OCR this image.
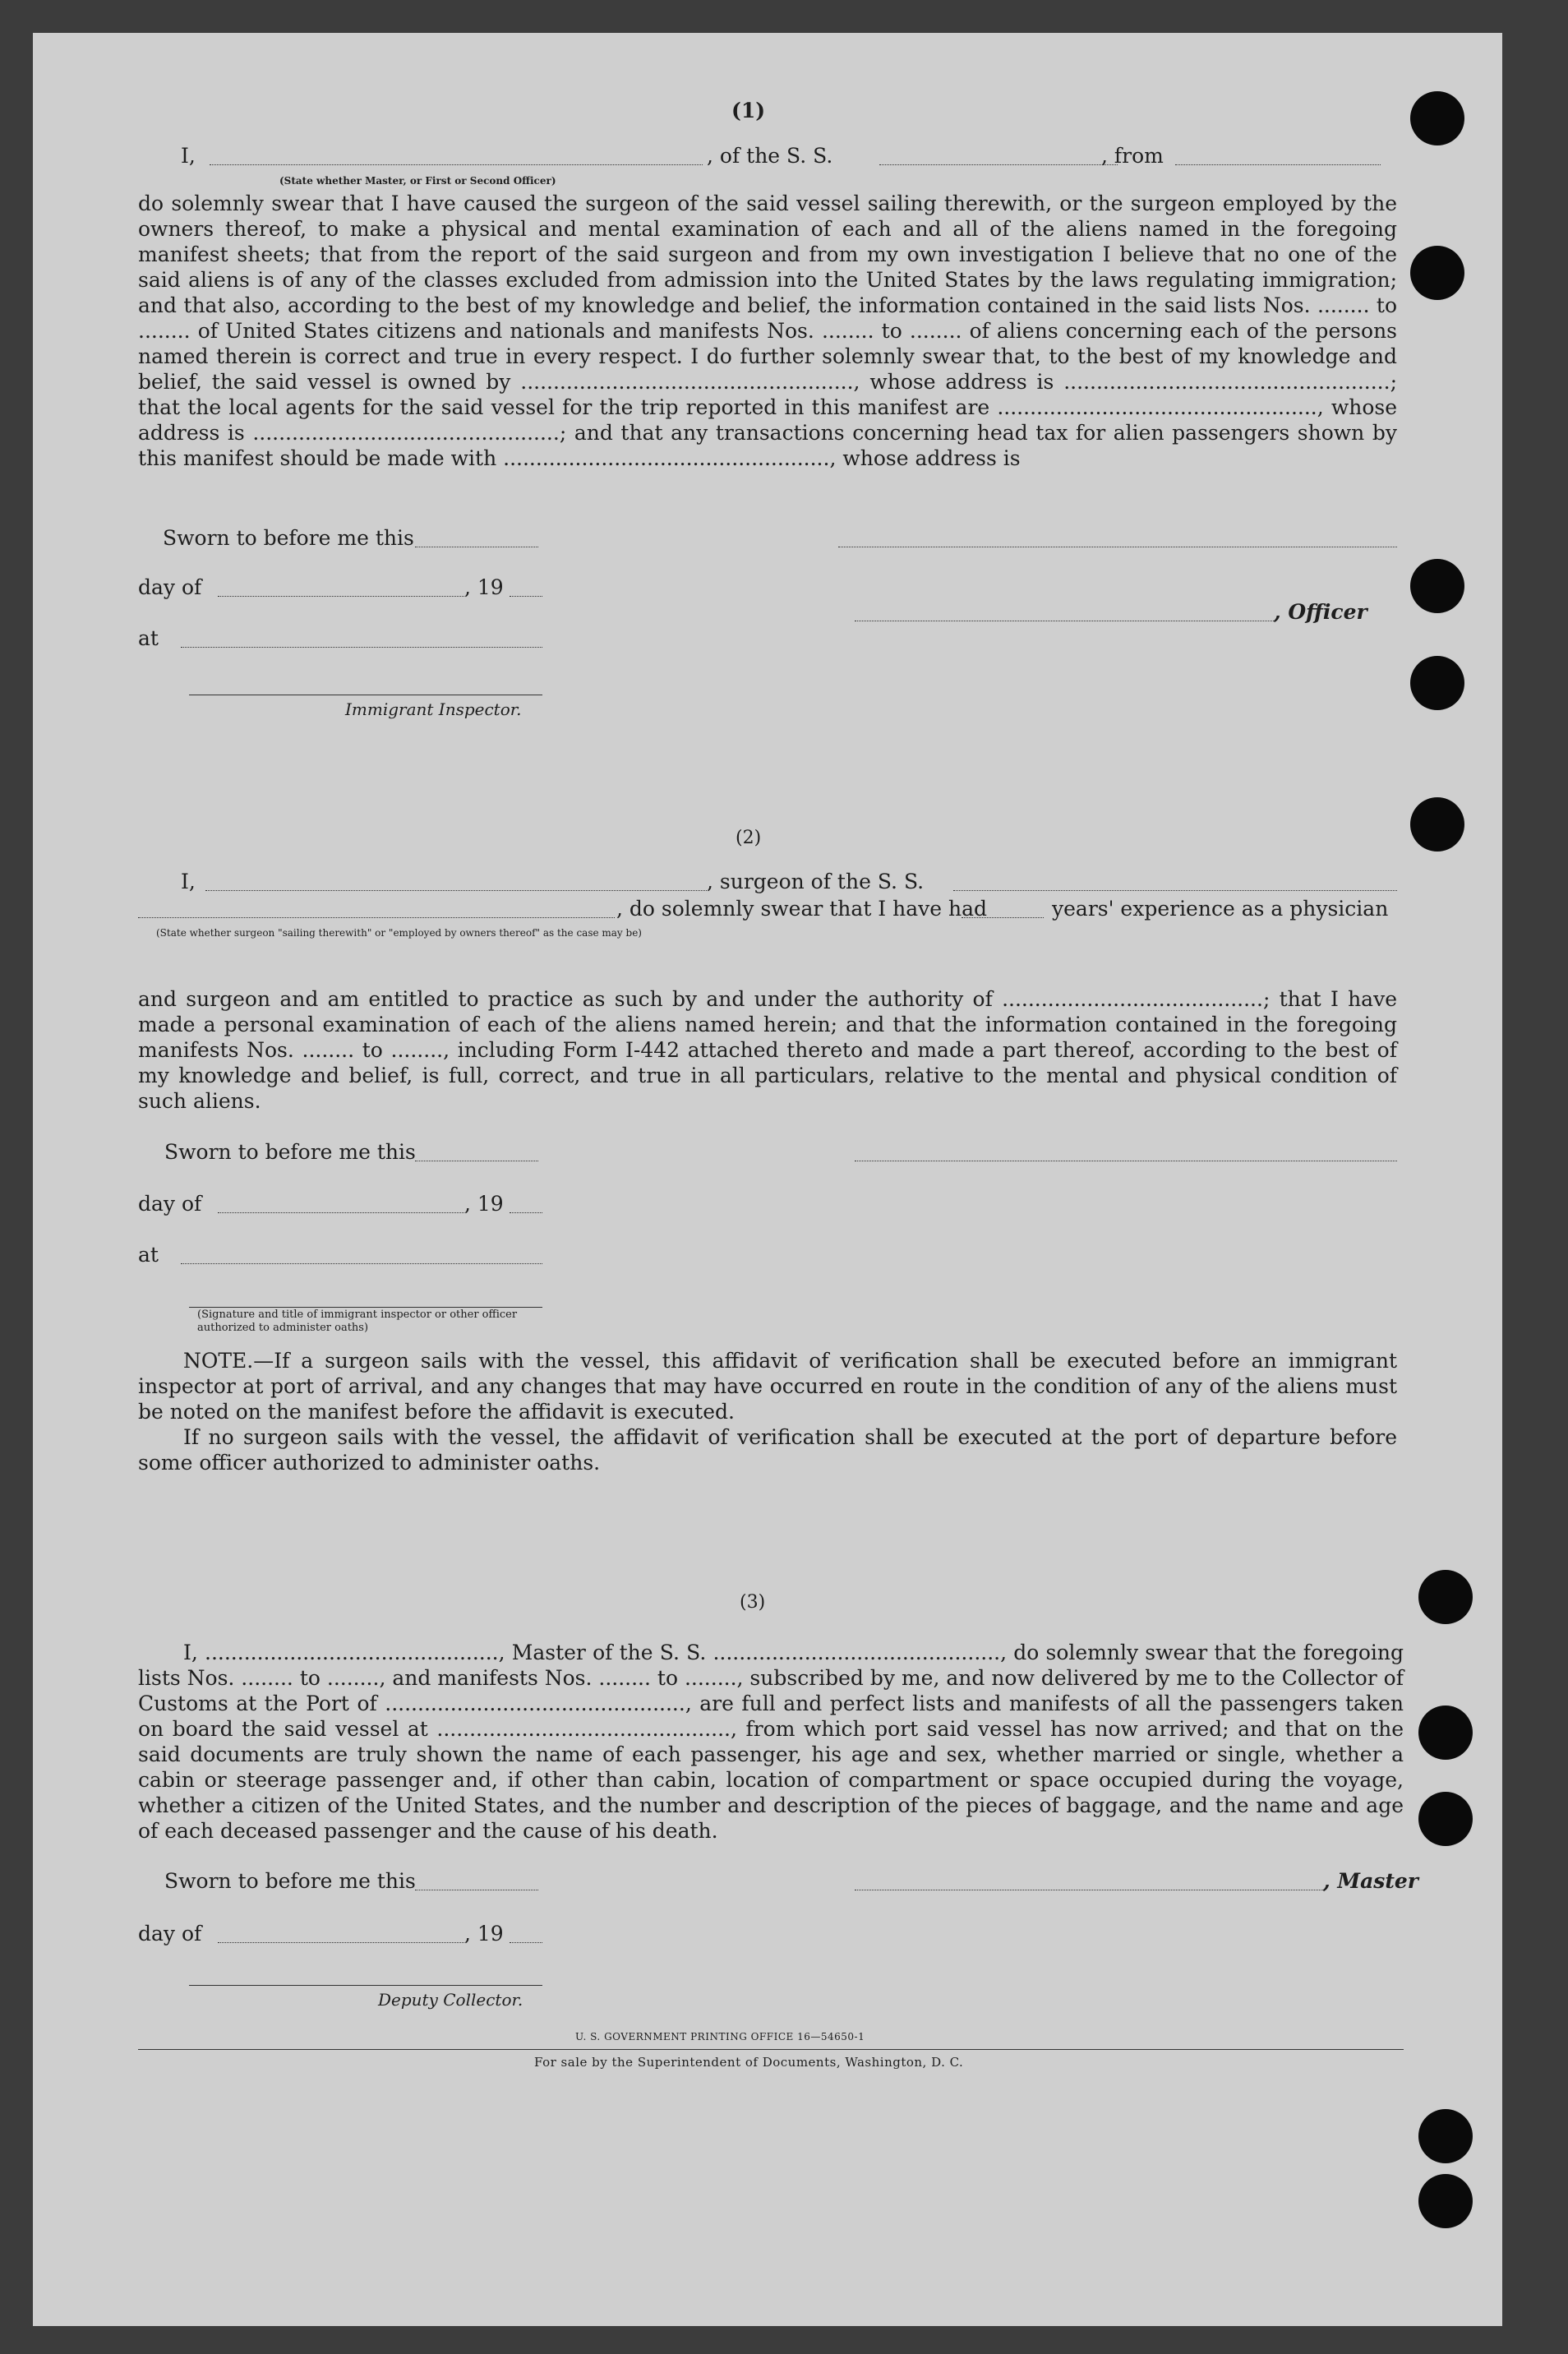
(1)
I,	, of the S. S.	, from
(State whether Master, or First or Second Officer)
do solemnly swear that I have caused the surgeon of the said vessel sailing therewith, or the surgeon employed by the owners thereof, to make a physical and mental examination of each and all of the aliens named in the foregoing manifest sheets; that from the report of the said surgeon and from my own investigation I believe that no one of the said aliens is of any of the classes excluded from admission into the United States by the laws regulating immigration; and that also, according to the best of my knowledge and belief, the information contained in the said lists Nos. ........ to ........ of United States citizens and nationals and manifests Nos. ........ to ........ of aliens concerning each of the persons named therein is correct and true in every respect. I do further solemnly swear that, to the best of my knowledge and belief, the said vessel is owned by ..................................................., whose address is ..................................................; that the local agents for the said vessel for the trip reported in this manifest are ................................................., whose address is ...............................................; and that any transactions concerning head tax for alien passengers shown by this manifest should be made with .................................................., whose address is
Sworn to before me this
day of	, 19
, Officer
at
Immigrant Inspector.
(2)
I,	, surgeon of the S. S.
, do solemnly swear that I have had	years' experience as a physician
(State whether surgeon "sailing therewith" or "employed by owners thereof" as the case may be)
and surgeon and am entitled to practice as such by and under the authority of ........................................; that I have made a personal examination of each of the aliens named herein; and that the information contained in the foregoing manifests Nos. ........ to ........, including Form I-442 attached thereto and made a part thereof, according to the best of my knowledge and belief, is full, correct, and true in all particulars, relative to the mental and physical condition of such aliens.
Sworn to before me this
day of	, 19
at
(Signature and title of immigrant inspector or other officer authorized to administer oaths)
NOTE.—If a surgeon sails with the vessel, this affidavit of verification shall be executed before an immigrant inspector at port of arrival, and any changes that may have occurred en route in the condition of any of the aliens must be noted on the manifest before the affidavit is executed.
If no surgeon sails with the vessel, the affidavit of verification shall be executed at the port of departure before some officer authorized to administer oaths.
(3)
I, ............................................., Master of the S. S. ............................................, do solemnly swear that the foregoing lists Nos. ........ to ........, and manifests Nos. ........ to ........, subscribed by me, and now delivered by me to the Collector of Customs at the Port of .............................................., are full and perfect lists and manifests of all the passengers taken on board the said vessel at ............................................., from which port said vessel has now arrived; and that on the said documents are truly shown the name of each passenger, his age and sex, whether married or single, whether a cabin or steerage passenger and, if other than cabin, location of compartment or space occupied during the voyage, whether a citizen of the United States, and the number and description of the pieces of baggage, and the name and age of each deceased passenger and the cause of his death.
Sworn to before me this	, Master
day of	, 19
Deputy Collector.
U. S. GOVERNMENT PRINTING OFFICE 16—54650-1
For sale by the Superintendent of Documents, Washington, D. C.
